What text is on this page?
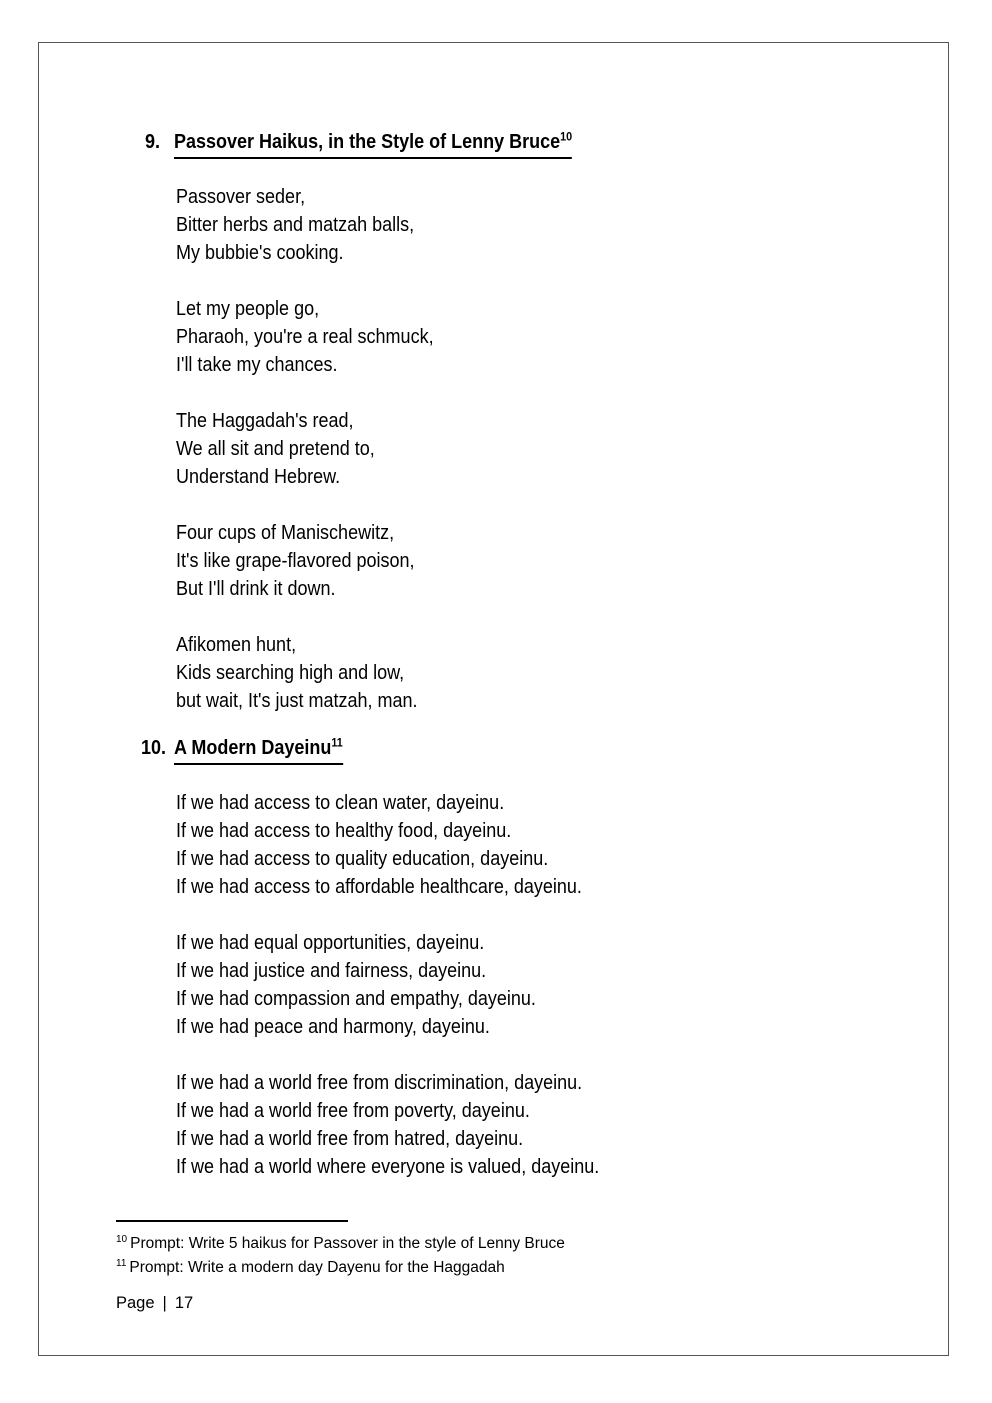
9. Passover Haikus, in the Style of Lenny Bruce$^{10}$
Passover seder,
Bitter herbs and matzah balls,
My bubbie's cooking.
Let my people go,
Pharaoh, you're a real schmuck,
I'll take my chances.
The Haggadah's read,
We all sit and pretend to,
Understand Hebrew.
Four cups of Manischewitz,
It's like grape-flavored poison,
But I'll drink it down.
Afikomen hunt,
Kids searching high and low,
but wait, It's just matzah, man.
10. A Modern Dayeinu$^{11}$
If we had access to clean water, dayeinu.
If we had access to healthy food, dayeinu.
If we had access to quality education, dayeinu.
If we had access to affordable healthcare, dayeinu.
If we had equal opportunities, dayeinu.
If we had justice and fairness, dayeinu.
If we had compassion and empathy, dayeinu.
If we had peace and harmony, dayeinu.
If we had a world free from discrimination, dayeinu.
If we had a world free from poverty, dayeinu.
If we had a world free from hatred, dayeinu.
If we had a world where everyone is valued, dayeinu.
$^{10}$ Prompt: Write 5 haikus for Passover in the style of Lenny Bruce
$^{11}$ Prompt: Write a modern day Dayenu for the Haggadah
Page | 17
